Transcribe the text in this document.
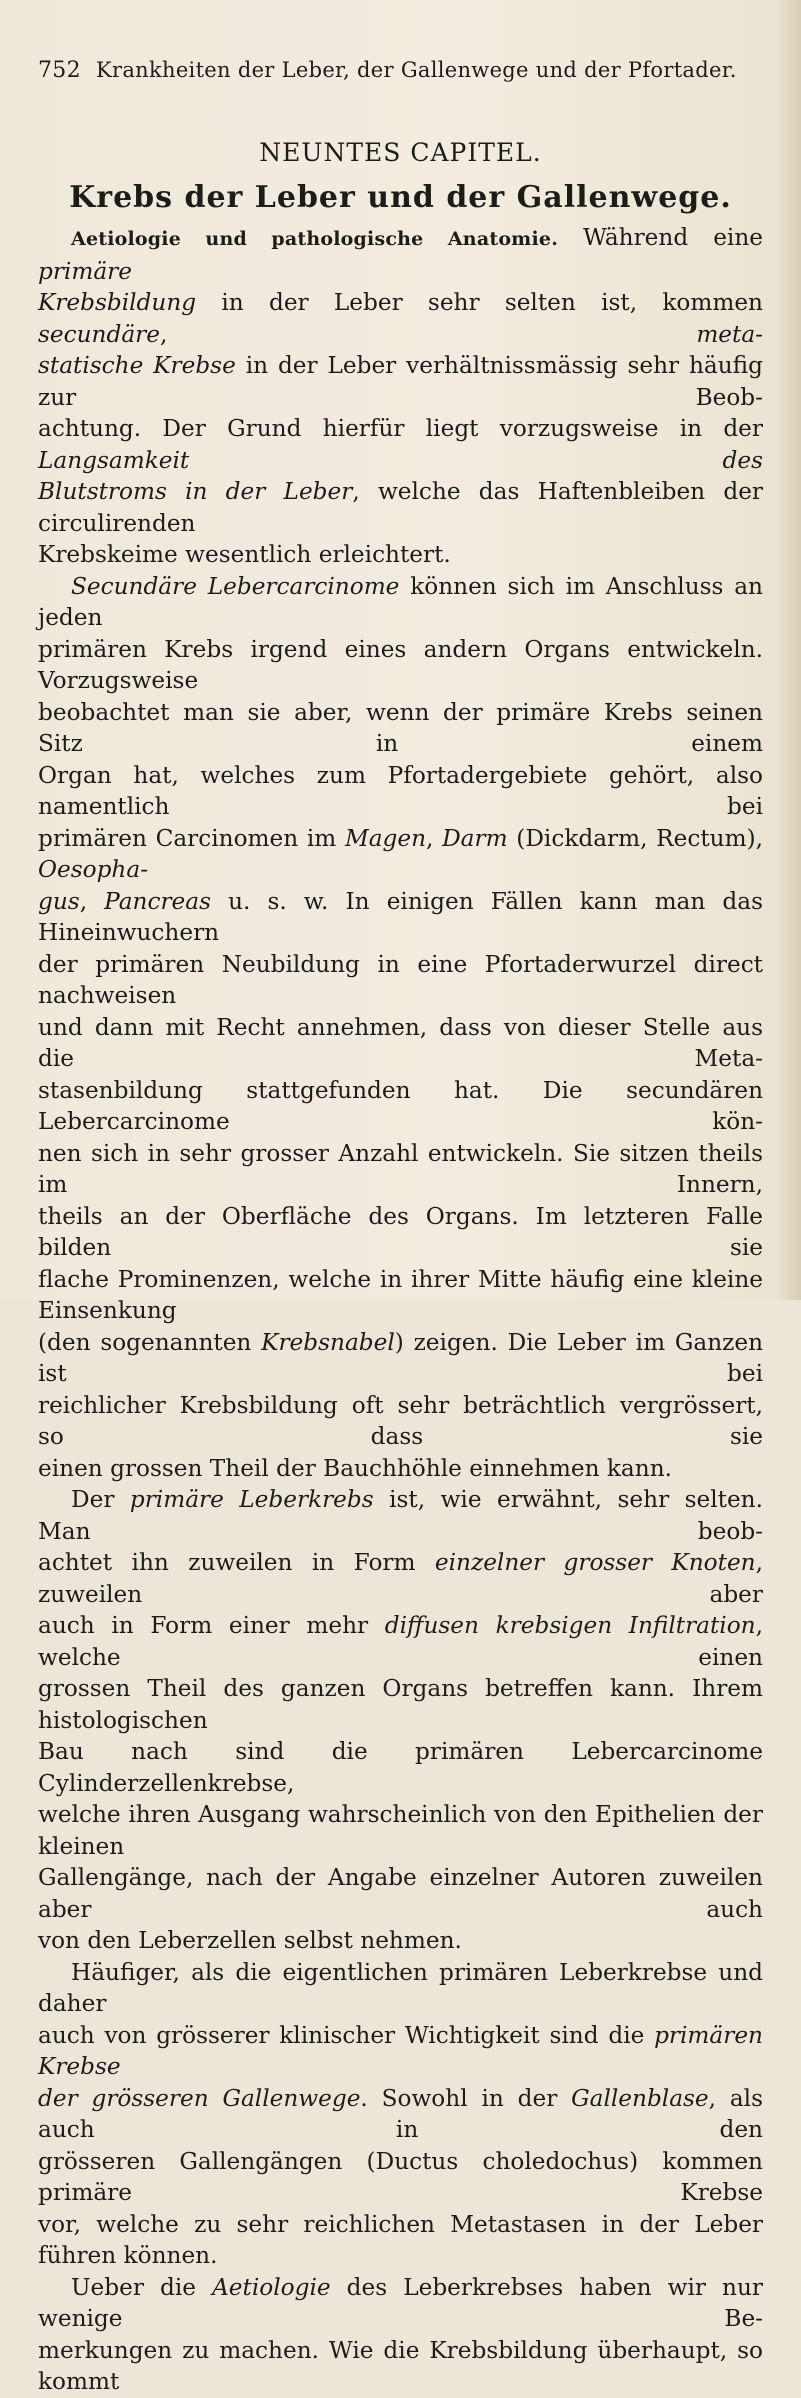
752 Krankheiten der Leber, der Gallenwege und der Pfortader.
NEUNTES CAPITEL.
Krebs der Leber und der Gallenwege.

Aetiologie und pathologische Anatomie. Während eine primäre

Krebsbildung in der Leber sehr selten ist, kommen secundäre, meta-

statische Krebse in der Leber verhältnissmässig sehr häufig zur Beob-

achtung. Der Grund hierfür liegt vorzugsweise in der Langsamkeit des

Blutstroms in der Leber, welche das Haftenbleiben der circulirenden

Krebskeime wesentlich erleichtert.

Secundäre Lebercarcinome können sich im Anschluss an jeden

primären Krebs irgend eines andern Organs entwickeln. Vorzugsweise

beobachtet man sie aber, wenn der primäre Krebs seinen Sitz in einem

Organ hat, welches zum Pfortadergebiete gehört, also namentlich bei

primären Carcinomen im Magen, Darm (Dickdarm, Rectum), Oesopha-

gus, Pancreas u. s. w. In einigen Fällen kann man das Hineinwuchern

der primären Neubildung in eine Pfortaderwurzel direct nachweisen

und dann mit Recht annehmen, dass von dieser Stelle aus die Meta-

stasenbildung stattgefunden hat. Die secundären Lebercarcinome kön-

nen sich in sehr grosser Anzahl entwickeln. Sie sitzen theils im Innern,

theils an der Oberfläche des Organs. Im letzteren Falle bilden sie

flache Prominenzen, welche in ihrer Mitte häufig eine kleine Einsenkung

(den sogenannten Krebsnabel) zeigen. Die Leber im Ganzen ist bei

reichlicher Krebsbildung oft sehr beträchtlich vergrössert, so dass sie

einen grossen Theil der Bauchhöhle einnehmen kann.

Der primäre Leberkrebs ist, wie erwähnt, sehr selten. Man beob-

achtet ihn zuweilen in Form einzelner grosser Knoten, zuweilen aber

auch in Form einer mehr diffusen krebsigen Infiltration, welche einen

grossen Theil des ganzen Organs betreffen kann. Ihrem histologischen

Bau nach sind die primären Lebercarcinome Cylinderzellenkrebse,

welche ihren Ausgang wahrscheinlich von den Epithelien der kleinen

Gallengänge, nach der Angabe einzelner Autoren zuweilen aber auch

von den Leberzellen selbst nehmen.

Häufiger, als die eigentlichen primären Leberkrebse und daher

auch von grösserer klinischer Wichtigkeit sind die primären Krebse

der grösseren Gallenwege. Sowohl in der Gallenblase, als auch in den

grösseren Gallengängen (Ductus choledochus) kommen primäre Krebse

vor, welche zu sehr reichlichen Metastasen in der Leber führen können.

Ueber die Aetiologie des Leberkrebses haben wir nur wenige Be-

merkungen zu machen. Wie die Krebsbildung überhaupt, so kommt
